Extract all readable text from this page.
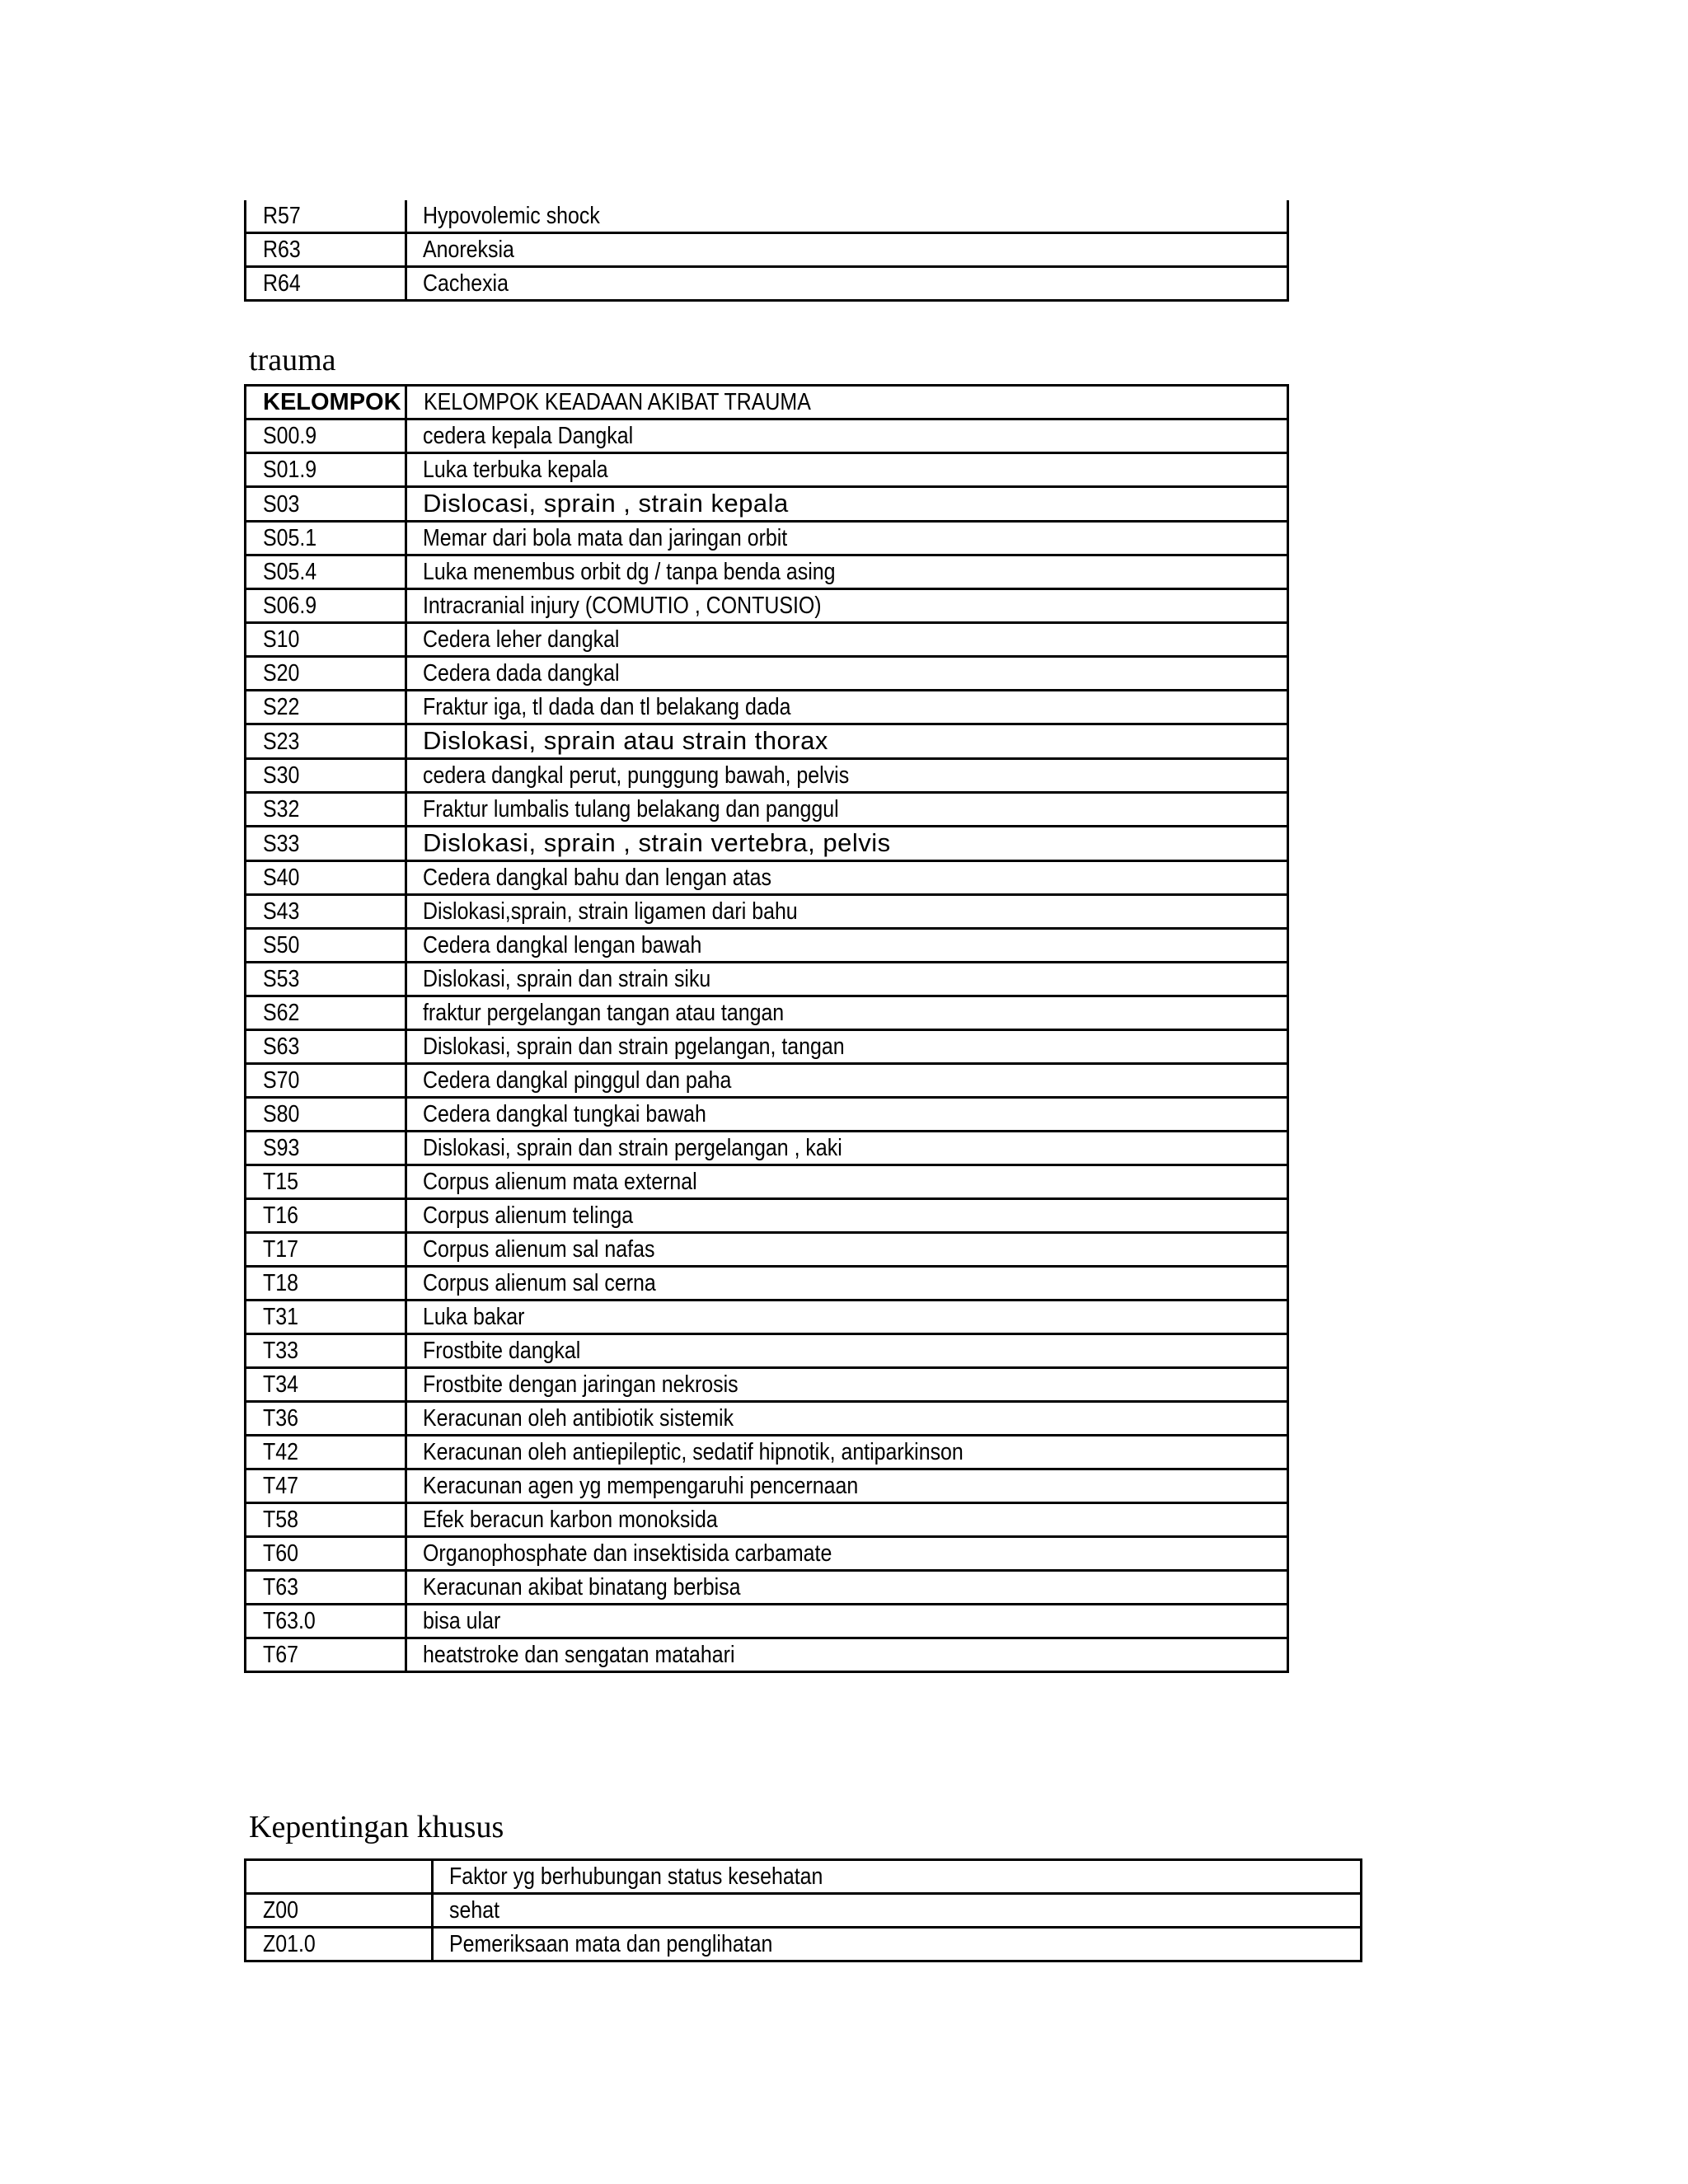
R57	Hypovolemic shock
R63	Anoreksia
R64	Cachexia
trauma
KELOMPOK	KELOMPOK KEADAAN AKIBAT TRAUMA
S00.9	cedera kepala Dangkal
S01.9	Luka terbuka kepala
S03	Dislocasi, sprain , strain kepala
S05.1	Memar dari bola mata dan jaringan orbit
S05.4	Luka menembus orbit dg / tanpa benda asing
S06.9	Intracranial injury (COMUTIO , CONTUSIO)
S10	Cedera leher dangkal
S20	Cedera dada dangkal
S22	Fraktur iga, tl dada dan tl belakang dada
S23	Dislokasi, sprain atau strain thorax
S30	cedera dangkal perut, punggung bawah, pelvis
S32	Fraktur lumbalis tulang belakang dan panggul
S33	Dislokasi, sprain , strain vertebra, pelvis
S40	Cedera dangkal bahu dan lengan atas
S43	Dislokasi,sprain, strain ligamen dari bahu
S50	Cedera dangkal lengan bawah
S53	Dislokasi, sprain dan strain siku
S62	fraktur pergelangan tangan atau tangan
S63	Dislokasi, sprain dan strain pgelangan, tangan
S70	Cedera dangkal pinggul dan paha
S80	Cedera dangkal tungkai bawah
S93	Dislokasi, sprain dan strain pergelangan , kaki
T15	Corpus alienum mata external
T16	Corpus alienum telinga
T17	Corpus alienum sal nafas
T18	Corpus alienum sal cerna
T31	Luka bakar
T33	Frostbite dangkal
T34	Frostbite dengan jaringan nekrosis
T36	Keracunan oleh antibiotik sistemik
T42	Keracunan oleh antiepileptic, sedatif hipnotik, antiparkinson
T47	Keracunan agen yg mempengaruhi pencernaan
T58	Efek beracun karbon monoksida
T60	Organophosphate dan insektisida carbamate
T63	Keracunan akibat binatang berbisa
T63.0	bisa ular
T67	heatstroke dan sengatan matahari
Kepentingan khusus
	Faktor yg berhubungan status kesehatan
Z00	sehat
Z01.0	Pemeriksaan mata dan penglihatan
